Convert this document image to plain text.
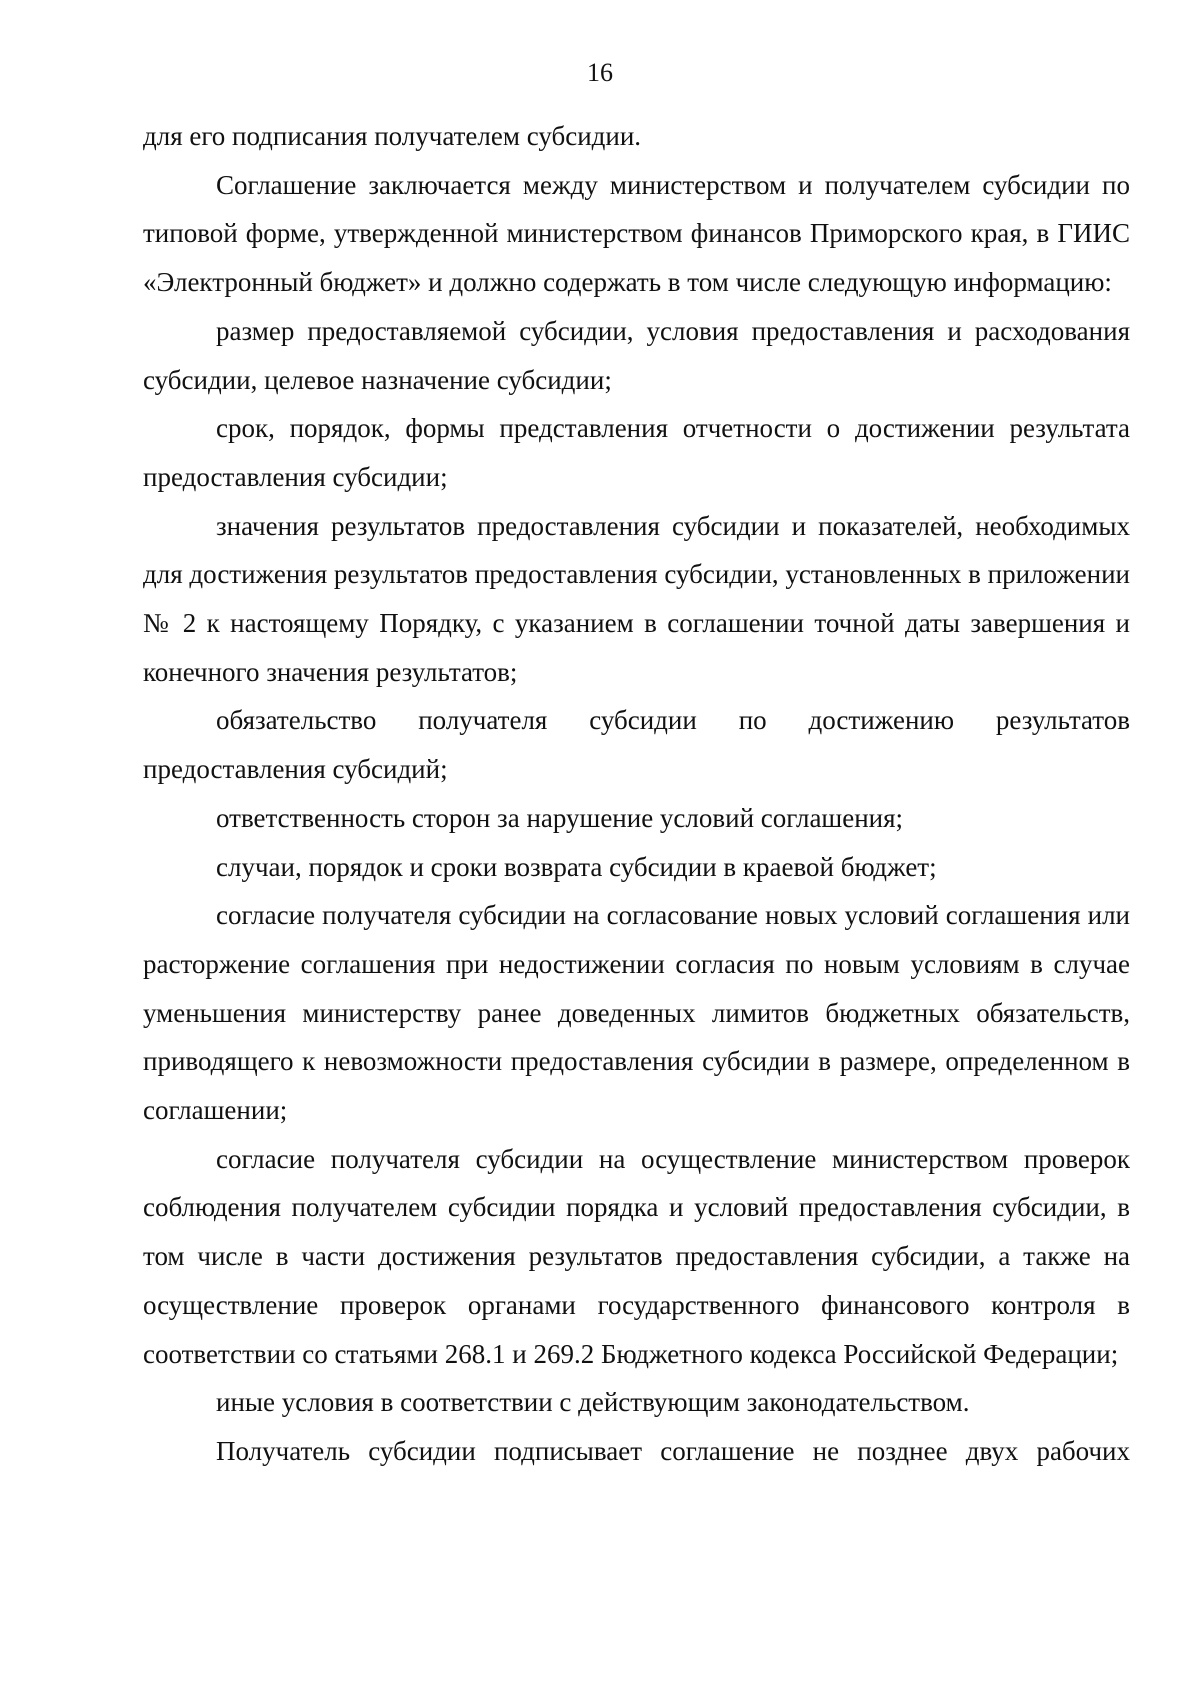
16

для его подписания получателем субсидии.

Соглашение заключается между министерством и получателем субсидии по типовой форме, утвержденной министерством финансов Приморского края, в ГИИС «Электронный бюджет» и должно содержать в том числе следующую информацию:

размер предоставляемой субсидии, условия предоставления и расходования субсидии, целевое назначение субсидии;

срок, порядок, формы представления отчетности о достижении результата предоставления субсидии;

значения результатов предоставления субсидии и показателей, необходимых для достижения результатов предоставления субсидии, установленных в приложении № 2 к настоящему Порядку, с указанием в соглашении точной даты завершения и конечного значения результатов;

обязательство получателя субсидии по достижению результатов предоставления субсидий;

ответственность сторон за нарушение условий соглашения;

случаи, порядок и сроки возврата субсидии в краевой бюджет;

согласие получателя субсидии на согласование новых условий соглашения или расторжение соглашения при недостижении согласия по новым условиям в случае уменьшения министерству ранее доведенных лимитов бюджетных обязательств, приводящего к невозможности предоставления субсидии в размере, определенном в соглашении;

согласие получателя субсидии на осуществление министерством проверок соблюдения получателем субсидии порядка и условий предоставления субсидии, в том числе в части достижения результатов предоставления субсидии, а также на осуществление проверок органами государственного финансового контроля в соответствии со статьями 268.1 и 269.2 Бюджетного кодекса Российской Федерации;

иные условия в соответствии с действующим законодательством.

Получатель субсидии подписывает соглашение не позднее двух рабочих
